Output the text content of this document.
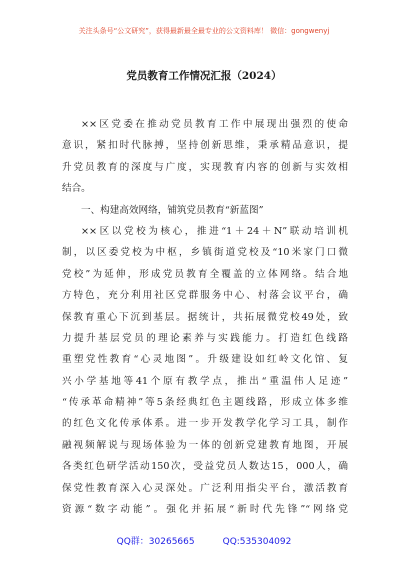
关注头条号“公文研究”，获得最新最全最专业的公文资料库！ 微信：gongwenyj
党员教育工作情况汇报（2024）
××区党委在推动党员教育工作中展现出强烈的使命
意识，紧扣时代脉搏，坚持创新思维，秉承精品意识，提
升党员教育的深度与广度，实现教育内容的创新与实效相
结合。
一、构建高效网络，铺筑党员教育“新蓝图”
××区以党校为核心，推进“1＋24＋N”联动培训机
制，以区委党校为中枢，乡镇街道党校及“10米家门口微
党校”为延伸，形成党员教育全覆盖的立体网络。结合地
方特色，充分利用社区党群服务中心、村落会议平台，确
保教育重心下沉到基层。据统计，共拓展微党校49处，致
力提升基层党员的理论素养与实践能力。打造红色线路
重塑党性教育“心灵地图”。升级建设如红岭文化馆、复
兴小学基地等41个原有教学点，推出“重温伟人足迹”
“传承革命精神”等5条经典红色主题线路，形成立体多维
的红色文化传承体系。进一步开发教学化学习工具，制作
融视频解说与现场体验为一体的创新党建教育地图，开展
各类红色研学活动150次，受益党员人数达15，000人，确
保党性教育深入心灵深处。广泛利用指尖平台，激活教育
资源“数字动能”。强化并拓展“新时代先锋”“网络党
QQ群：30265665	QQ:535304092
